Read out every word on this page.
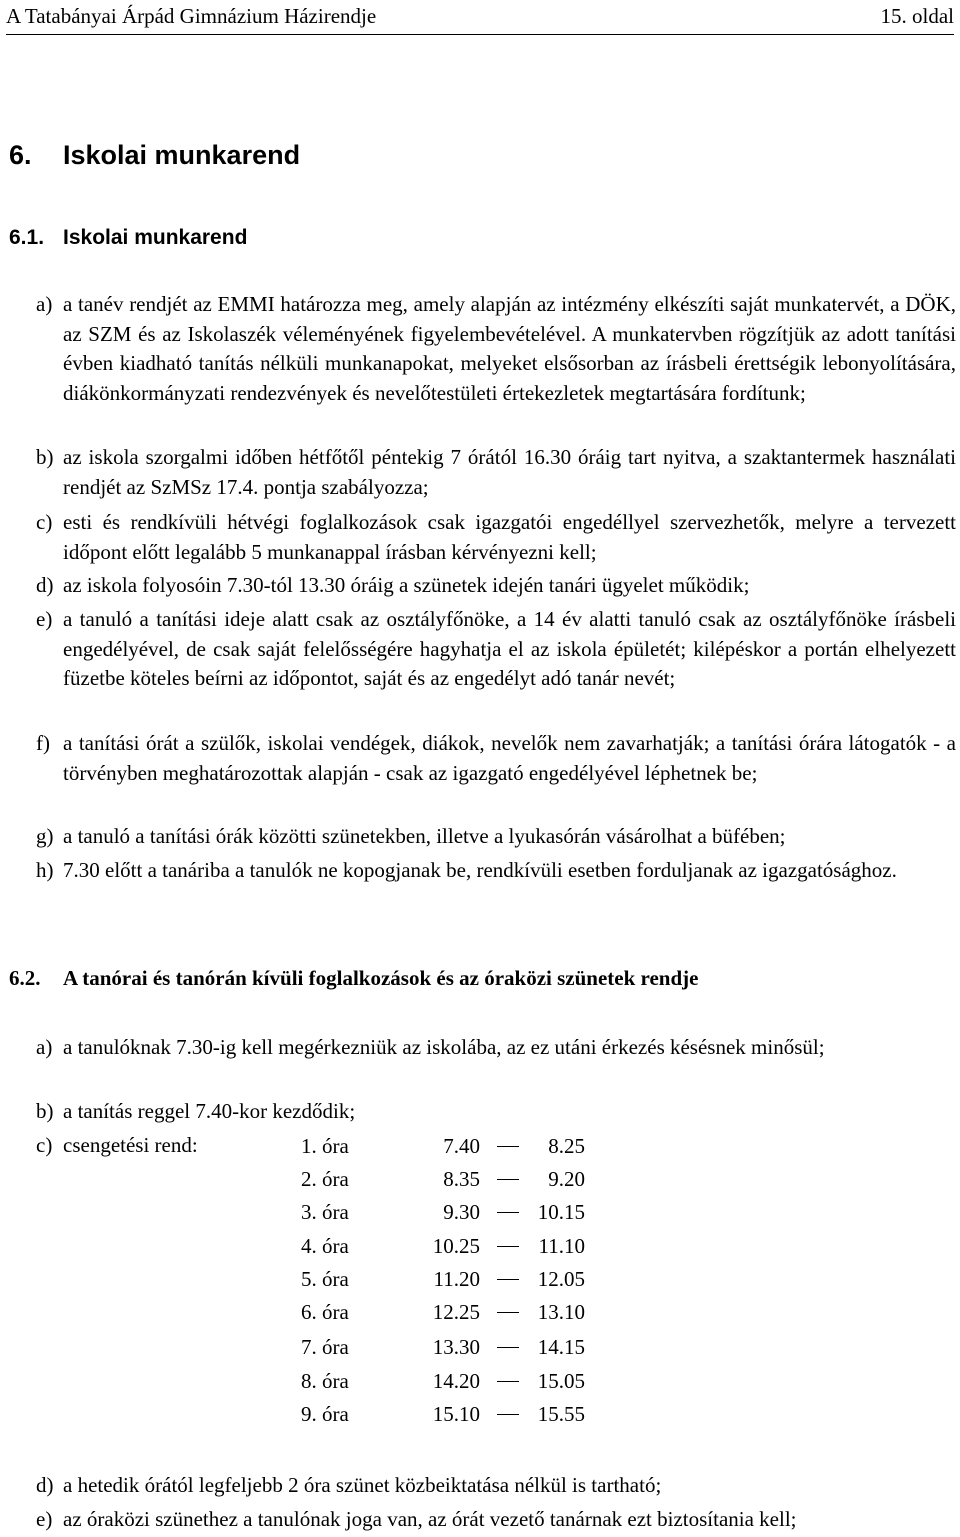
A Tatabányai Árpád Gimnázium Házirendje	15. oldal
6. Iskolai munkarend
6.1. Iskolai munkarend
a) a tanév rendjét az EMMI határozza meg, amely alapján az intézmény elkészíti saját munkatervét, a DÖK, az SZM és az Iskolaszék véleményének figyelembevételével. A munkatervben rögzítjük az adott tanítási évben kiadható tanítás nélküli munkanapokat, melyeket elsősorban az írásbeli érettségik lebonyolítására, diákönkormányzati rendezvények és nevelőtestületi értekezletek megtartására fordítunk;
b) az iskola szorgalmi időben hétfőtől péntekig 7 órától 16.30 óráig tart nyitva, a szaktantermek használati rendjét az SzMSz 17.4. pontja szabályozza;
c) esti és rendkívüli hétvégi foglalkozások csak igazgatói engedéllyel szervezhetők, melyre a tervezett időpont előtt legalább 5 munkanappal írásban kérvényezni kell;
d) az iskola folyosóin 7.30-tól 13.30 óráig a szünetek idején tanári ügyelet működik;
e) a tanuló a tanítási ideje alatt csak az osztályfőnöke, a 14 év alatti tanuló csak az osztályfőnöke írásbeli engedélyével, de csak saját felelősségére hagyhatja el az iskola épületét; kilépéskor a portán elhelyezett füzetbe köteles beírni az időpontot, saját és az engedélyt adó tanár nevét;
f) a tanítási órát a szülők, iskolai vendégek, diákok, nevelők nem zavarhatják; a tanítási órára látogatók - a törvényben meghatározottak alapján - csak az igazgató engedélyével léphetnek be;
g) a tanuló a tanítási órák közötti szünetekben, illetve a lyukasórán vásárolhat a büfében;
h) 7.30 előtt a tanáriba a tanulók ne kopogjanak be, rendkívüli esetben forduljanak az igazgatósághoz.
6.2. A tanórai és tanórán kívüli foglalkozások és az óraközi szünetek rendje
a) a tanulóknak 7.30-ig kell megérkezniük az iskolába, az ez utáni érkezés késésnek minősül;
b) a tanítás reggel 7.40-kor kezdődik;
c) csengetési rend:	1. óra	7.40	8.25
2. óra	8.35	9.20
3. óra	9.30	10.15
4. óra	10.25	11.10
5. óra	11.20	12.05
6. óra	12.25	13.10
7. óra	13.30	14.15
8. óra	14.20	15.05
9. óra	15.10	15.55
d) a hetedik órától legfeljebb 2 óra szünet közbeiktatása nélkül is tartható;
e) az óraközi szünethez a tanulónak joga van, az órát vezető tanárnak ezt biztosítania kell;
